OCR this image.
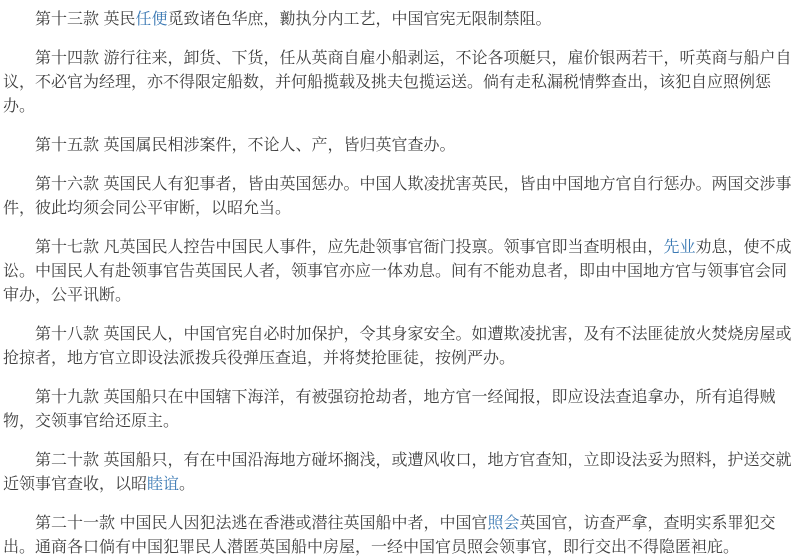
第十三款 英民任便觅致诸色华庶，勷执分内工艺，中国官宪无限制禁阻。

第十四款 游行往来，卸货、下货，任从英商自雇小船剥运，不论各项艇只，雇价银两若干，听英商与船户自议，不必官为经理，亦不得限定船数，并何船揽载及挑夫包揽运送。倘有走私漏税情弊查出，该犯自应照例惩办。

第十五款 英国属民相涉案件，不论人、产，皆归英官查办。

第十六款 英国民人有犯事者，皆由英国惩办。中国人欺凌扰害英民，皆由中国地方官自行惩办。两国交涉事件，彼此均须会同公平审断，以昭允当。

第十七款 凡英国民人控告中国民人事件，应先赴领事官衙门投禀。领事官即当查明根由，先业劝息，使不成讼。中国民人有赴领事官告英国民人者，领事官亦应一体劝息。间有不能劝息者，即由中国地方官与领事官会同审办，公平讯断。

第十八款 英国民人，中国官宪自必时加保护，令其身家安全。如遭欺凌扰害，及有不法匪徒放火焚烧房屋或抢掠者，地方官立即设法派拨兵役弹压查追，并将焚抢匪徒，按例严办。

第十九款 英国船只在中国辖下海洋，有被强窃抢劫者，地方官一经闻报，即应设法查追拿办，所有追得贼物，交领事官给还原主。

第二十款 英国船只，有在中国沿海地方碰坏搁浅，或遭风收口，地方官查知，立即设法妥为照料，护送交就近领事官查收，以昭睦谊。

第二十一款 中国民人因犯法逃在香港或潜往英国船中者，中国官照会英国官，访查严拿，查明实系罪犯交出。通商各口倘有中国犯罪民人潜匿英国船中房屋，一经中国官员照会领事官，即行交出不得隐匿袒庇。
